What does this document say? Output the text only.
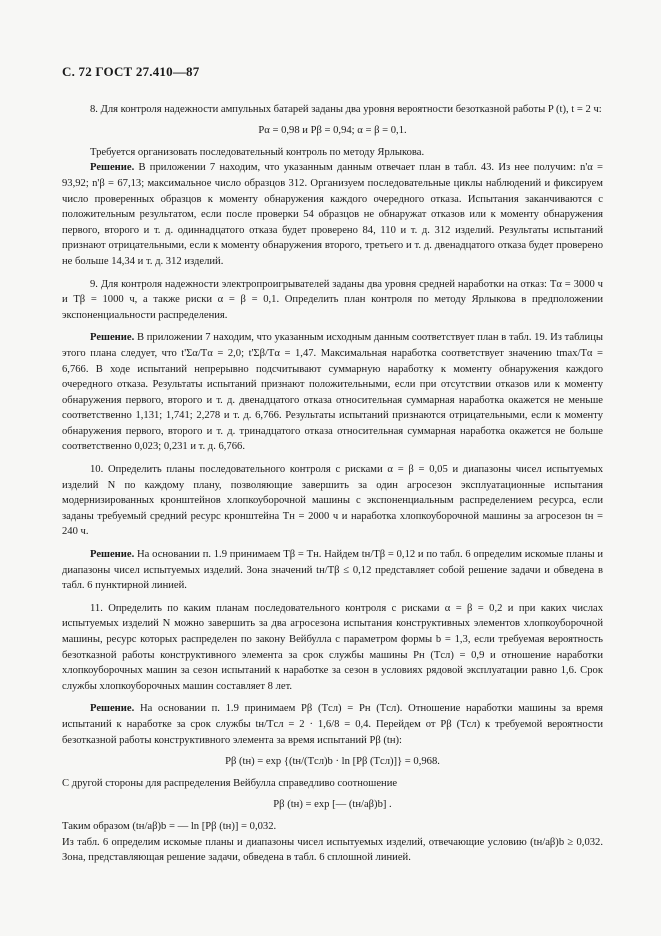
С. 72 ГОСТ 27.410—87

8. Для контроля надежности ампульных батарей заданы два уровня вероятности безотказной работы P (t), t = 2 ч:

Pα = 0,98 и Pβ = 0,94; α = β = 0,1.

Требуется организовать последовательный контроль по методу Ярлыкова.

Решение. В приложении 7 находим, что указанным данным отвечает план в табл. 43. Из нее получим: n'α = 93,92; n'β = 67,13; максимальное число образцов 312. Организуем последовательные циклы наблюдений и фиксируем число проверенных образцов к моменту обнаружения каждого очередного отказа. Испытания заканчиваются с положительным результатом, если после проверки 54 образцов не обнаружат отказов или к моменту обнаружения первого, второго и т. д. одиннадцатого отказа будет проверено 84, 110 и т. д. 312 изделий. Результаты испытаний признают отрицательными, если к моменту обнаружения второго, третьего и т. д. двенадцатого отказа будет проверено не больше 14,34 и т. д. 312 изделий.

9. Для контроля надежности электропроигрывателей заданы два уровня средней наработки на отказ: Tα = 3000 ч и Tβ = 1000 ч, а также риски α = β = 0,1. Определить план контроля по методу Ярлыкова в предположении экспоненциальности распределения.

Решение. В приложении 7 находим, что указанным исходным данным соответствует план в табл. 19. Из таблицы этого плана следует, что t'Σα/Tα = 2,0; t'Σβ/Tα = 1,47. Максимальная наработка соответствует значению tmax/Tα = 6,766. В ходе испытаний непрерывно подсчитывают суммарную наработку к моменту обнаружения каждого очередного отказа. Результаты испытаний признают положительными, если при отсутствии отказов или к моменту обнаружения первого, второго и т. д. двенадцатого отказа относительная суммарная наработка окажется не меньше соответственно 1,131; 1,741; 2,278 и т. д. 6,766. Результаты испытаний признаются отрицательными, если к моменту обнаружения первого, второго и т. д. тринадцатого отказа относительная суммарная наработка окажется не больше соответственно 0,023; 0,231 и т. д. 6,766.

10. Определить планы последовательного контроля с рисками α = β = 0,05 и диапазоны чисел испытуемых изделий N по каждому плану, позволяющие завершить за один агросезон эксплуатационные испытания модернизированных кронштейнов хлопкоуборочной машины с экспоненциальным распределением ресурса, если заданы требуемый средний ресурс кронштейна Tн = 2000 ч и наработка хлопкоуборочной машины за агросезон tн = 240 ч.

Решение. На основании п. 1.9 принимаем Tβ = Tн. Найдем tн/Tβ = 0,12 и по табл. 6 определим искомые планы и диапазоны чисел испытуемых изделий. Зона значений tн/Tβ ≤ 0,12 представляет собой решение задачи и обведена в табл. 6 пунктирной линией.

11. Определить по каким планам последовательного контроля с рисками α = β = 0,2 и при каких числах испытуемых изделий N можно завершить за два агросезона испытания конструктивных элементов хлопкоуборочной машины, ресурс которых распределен по закону Вейбулла с параметром формы b = 1,3, если требуемая вероятность безотказной работы конструктивного элемента за срок службы машины Pн (Tсл) = 0,9 и отношение наработки хлопкоуборочных машин за сезон испытаний к наработке за сезон в условиях рядовой эксплуатации равно 1,6. Срок службы хлопкоуборочных машин составляет 8 лет.

Решение. На основании п. 1.9 принимаем Pβ (Tсл) = Pн (Tсл). Отношение наработки машины за время испытаний к наработке за срок службы tн/Tсл = 2 · 1,6/8 = 0,4. Перейдем от Pβ (Tсл) к требуемой вероятности безотказной работы конструктивного элемента за время испытаний Pβ (tн):

Pβ (tн) = exp {(tн/(Tсл)b · ln [Pβ (Tсл)]} = 0,968.

С другой стороны для распределения Вейбулла справедливо соотношение

Pβ (tн) = exp [— (tн/aβ)b] .

Таким образом (tн/aβ)b = — ln [Pβ (tн)] = 0,032.

Из табл. 6 определим искомые планы и диапазоны чисел испытуемых изделий, отвечающие условию (tн/aβ)b ≥ 0,032. Зона, представляющая решение задачи, обведена в табл. 6 сплошной линией.
